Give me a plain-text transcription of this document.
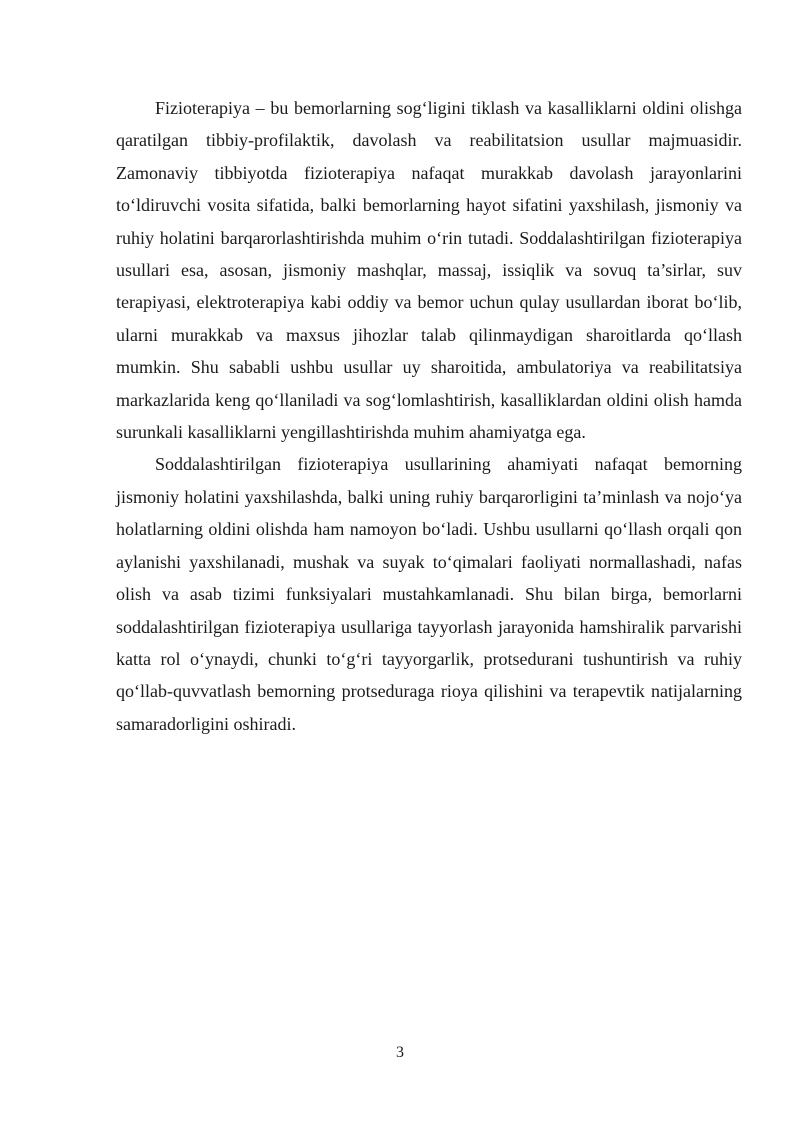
Fizioterapiya – bu bemorlarning sog‘ligini tiklash va kasalliklarni oldini olishga qaratilgan tibbiy-profilaktik, davolash va reabilitatsion usullar majmuasidir. Zamonaviy tibbiyotda fizioterapiya nafaqat murakkab davolash jarayonlarini to‘ldiruvchi vosita sifatida, balki bemorlarning hayot sifatini yaxshilash, jismoniy va ruhiy holatini barqarorlashtirishda muhim o‘rin tutadi. Soddalashtirilgan fizioterapiya usullari esa, asosan, jismoniy mashqlar, massaj, issiqlik va sovuq ta’sirlar, suv terapiyasi, elektroterapiya kabi oddiy va bemor uchun qulay usullardan iborat bo‘lib, ularni murakkab va maxsus jihozlar talab qilinmaydigan sharoitlarda qo‘llash mumkin. Shu sababli ushbu usullar uy sharoitida, ambulatoriya va reabilitatsiya markazlarida keng qo‘llaniladi va sog‘lomlashtirish, kasalliklardan oldini olish hamda surunkali kasalliklarni yengillashtirishda muhim ahamiyatga ega.

Soddalashtirilgan fizioterapiya usullarining ahamiyati nafaqat bemorning jismoniy holatini yaxshilashda, balki uning ruhiy barqarorligini ta’minlash va nojo‘ya holatlarning oldini olishda ham namoyon bo‘ladi. Ushbu usullarni qo‘llash orqali qon aylanishi yaxshilanadi, mushak va suyak to‘qimalari faoliyati normallashadi, nafas olish va asab tizimi funksiyalari mustahkamlanadi. Shu bilan birga, bemorlarni soddalashtirilgan fizioterapiya usullariga tayyorlash jarayonida hamshiralik parvarishi katta rol o‘ynaydi, chunki to‘g‘ri tayyorgarlik, protsedurani tushuntirish va ruhiy qo‘llab-quvvatlash bemorning protseduraga rioya qilishini va terapevtik natijalarning samaradorligini oshiradi.

3
